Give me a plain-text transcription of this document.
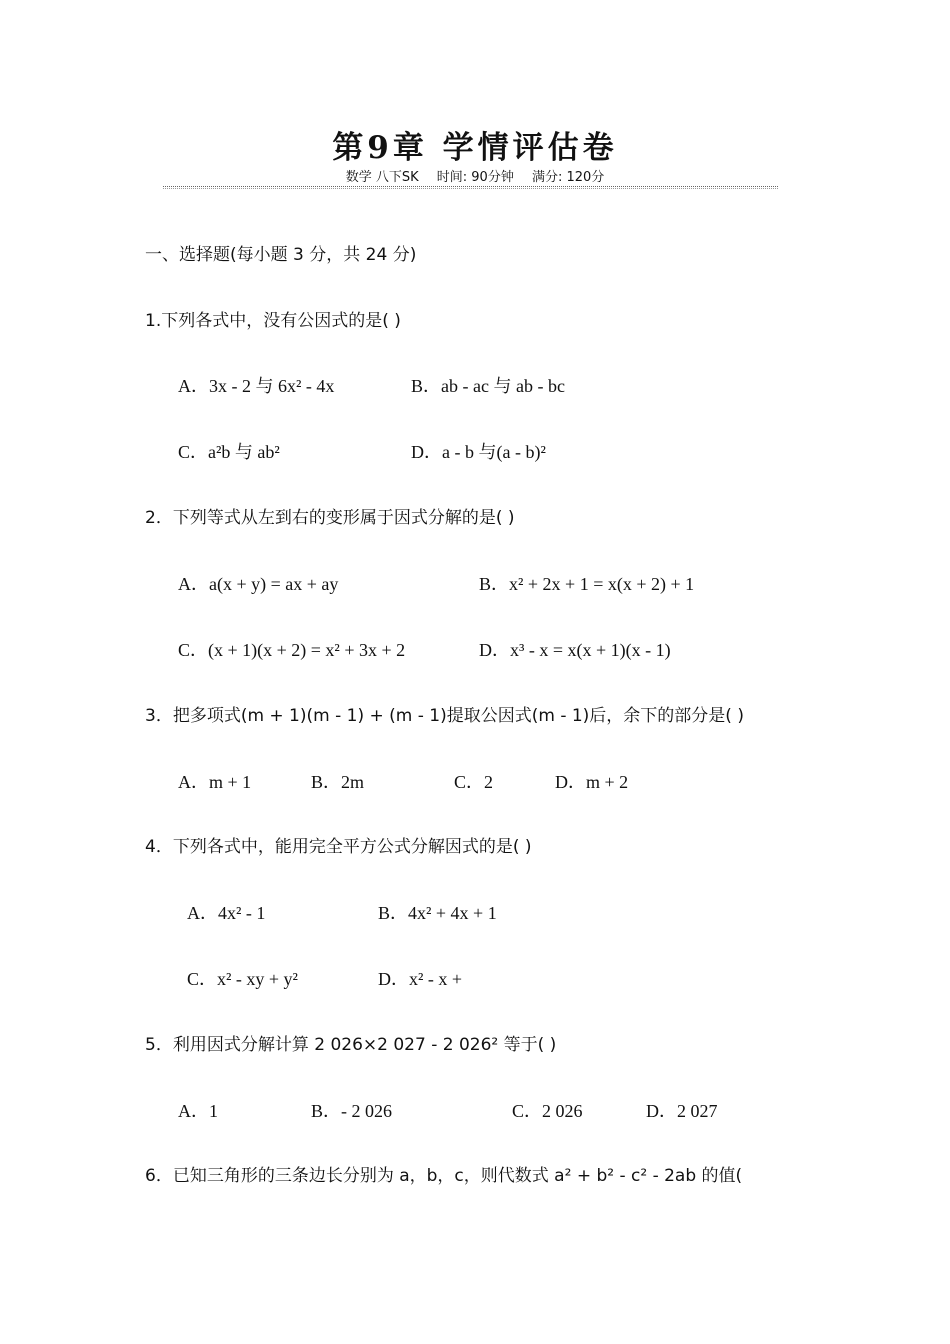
第9章 学情评估卷
数学 八下SK 时间: 90分钟 满分: 120分
一、选择题(每小题 3 分，共 24 分)
1.下列各式中，没有公因式的是( )
A．3x - 2 与 6x² - 4x	B．ab - ac 与 ab - bc
C．a²b 与 ab²	D．a - b 与(a - b)²
2．下列等式从左到右的变形属于因式分解的是( )
A．a(x + y) = ax + ay	B．x² + 2x + 1 = x(x + 2) + 1
C．(x + 1)(x + 2) = x² + 3x + 2	D．x³ - x = x(x + 1)(x - 1)
3．把多项式(m + 1)(m - 1) + (m - 1)提取公因式(m - 1)后，余下的部分是( )
A．m + 1	B．2m	C．2	D．m + 2
4．下列各式中，能用完全平方公式分解因式的是( )
A．4x² - 1	B．4x² + 4x + 1
C．x² - xy + y²	D．x² - x +
5．利用因式分解计算 2 026×2 027 - 2 026² 等于( )
A．1	B．- 2 026	C．2 026	D．2 027
6．已知三角形的三条边长分别为 a，b，c，则代数式 a² + b² - c² - 2ab 的值(
